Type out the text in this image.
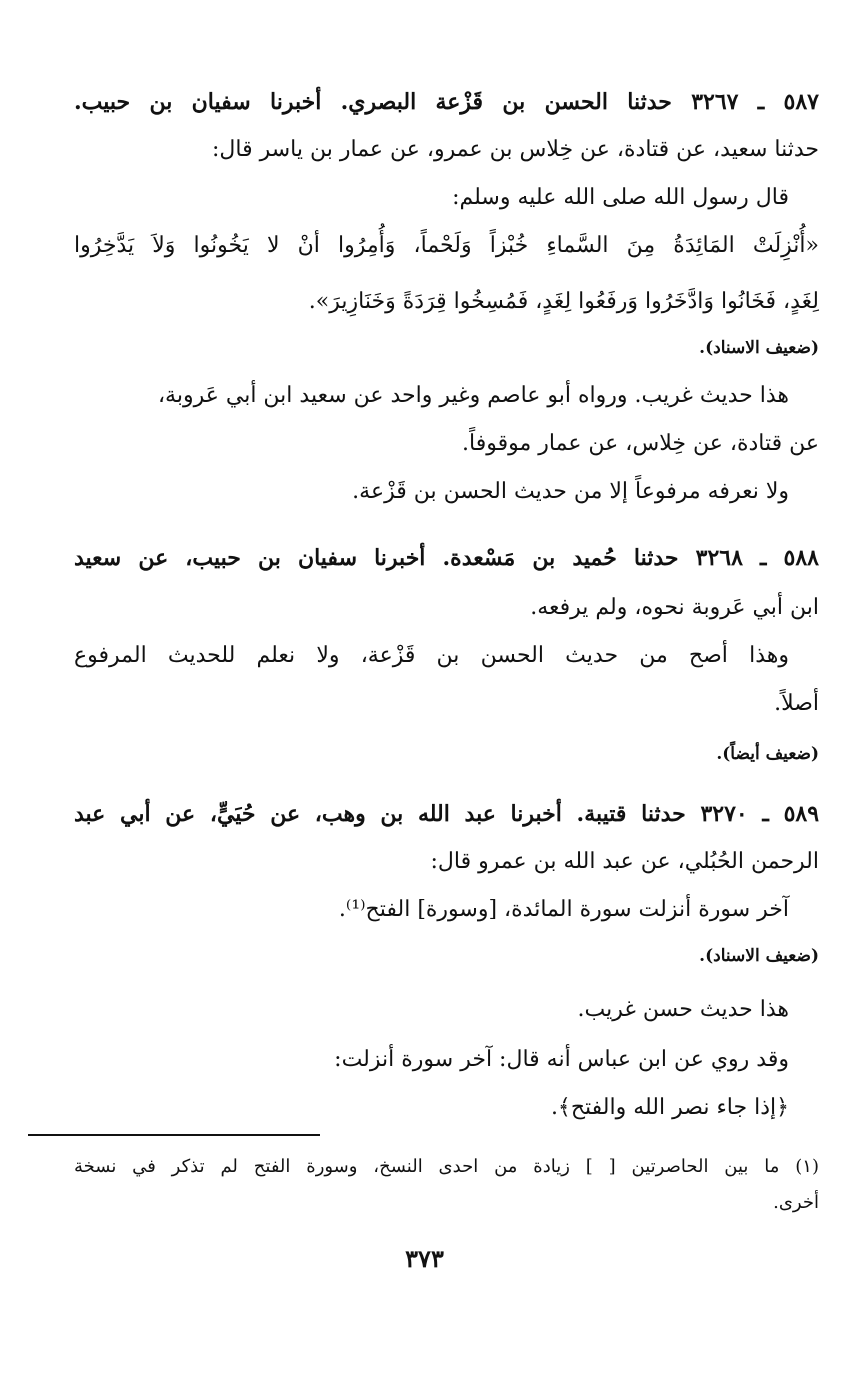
٥٨٧ ـ ٣٢٦٧ حدثنا الحسن بن قَزْعة البصري. أخبرنا سفيان بن حبيب.
حدثنا سعيد، عن قتادة، عن خِلاس بن عمرو، عن عمار بن ياسر قال:
قال رسول الله صلى الله عليه وسلم:
«أُنْزِلَتْ المَائِدَةُ مِنَ السَّماءِ خُبْزاً وَلَحْماً، وَأُمِرُوا أنْ لا يَخُونُوا وَلاَ يَدَّخِرُوا
لِغَدٍ، فَخَانُوا وَادَّخَرُوا وَرفَعُوا لِغَدٍ، فَمُسِخُوا قِرَدَةً وَخَنَازِيرَ».
(ضعيف الاسناد).
هذا حديث غريب. ورواه أبو عاصم وغير واحد عن سعيد ابن أبي عَروبة،
عن قتادة، عن خِلاس، عن عمار موقوفاً.
ولا نعرفه مرفوعاً إلا من حديث الحسن بن قَزْعة.
٥٨٨ ـ ٣٢٦٨ حدثنا حُميد بن مَسْعدة. أخبرنا سفيان بن حبيب، عن سعيد
ابن أبي عَروبة نحوه، ولم يرفعه.
وهذا أصح من حديث الحسن بن قَزْعة، ولا نعلم للحديث المرفوع
أصلاً.
(ضعيف أيضاً).
٥٨٩ ـ ٣٢٧٠ حدثنا قتيبة. أخبرنا عبد الله بن وهب، عن حُيَيٍّ، عن أبي عبد
الرحمن الحُبُلي، عن عبد الله بن عمرو قال:
آخر سورة أنزلت سورة المائدة، [وسورة] الفتح⁽¹⁾.
(ضعيف الاسناد).
هذا حديث حسن غريب.
وقد روي عن ابن عباس أنه قال: آخر سورة أنزلت:
﴿إذا جاء نصر الله والفتح﴾.
(١) ما بين الحاصرتين [ ] زيادة من احدى النسخ، وسورة الفتح لم تذكر في نسخة
أخرى.
٣٧٣
